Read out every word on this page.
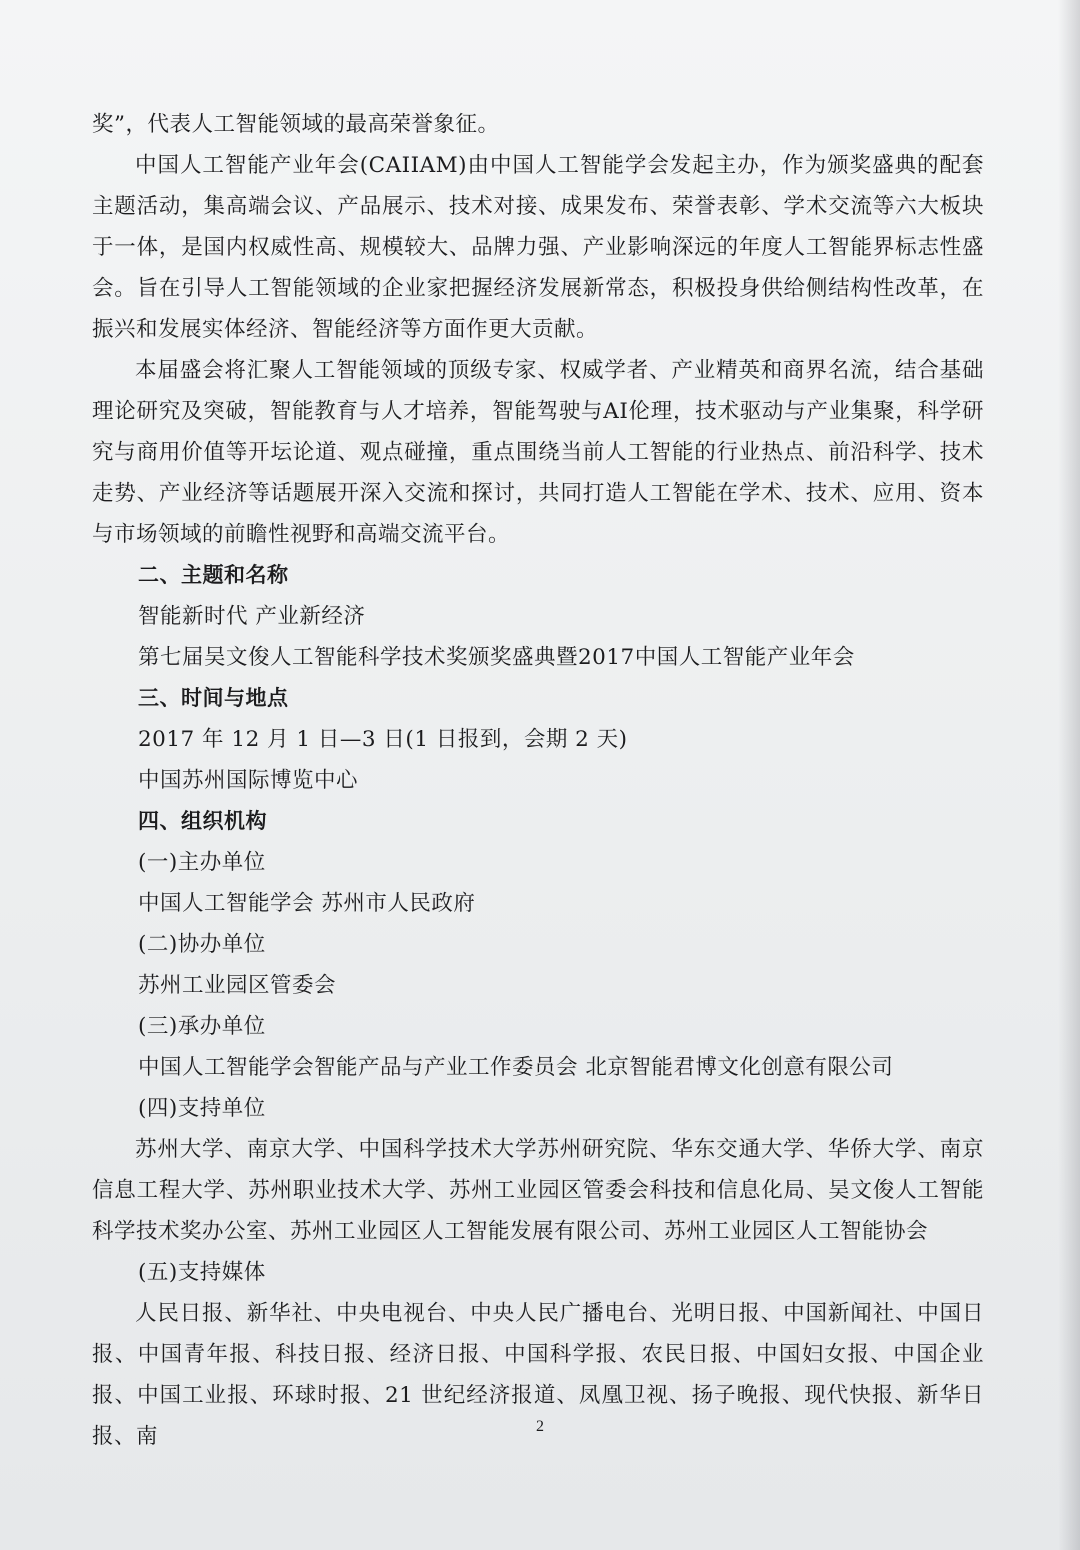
奖”，代表人工智能领域的最高荣誉象征。

中国人工智能产业年会(CAIIAM)由中国人工智能学会发起主办，作为颁奖盛典的配套主题活动，集高端会议、产品展示、技术对接、成果发布、荣誉表彰、学术交流等六大板块于一体，是国内权威性高、规模较大、品牌力强、产业影响深远的年度人工智能界标志性盛会。旨在引导人工智能领域的企业家把握经济发展新常态，积极投身供给侧结构性改革，在振兴和发展实体经济、智能经济等方面作更大贡献。

本届盛会将汇聚人工智能领域的顶级专家、权威学者、产业精英和商界名流，结合基础理论研究及突破，智能教育与人才培养，智能驾驶与AI伦理，技术驱动与产业集聚，科学研究与商用价值等开坛论道、观点碰撞，重点围绕当前人工智能的行业热点、前沿科学、技术走势、产业经济等话题展开深入交流和探讨，共同打造人工智能在学术、技术、应用、资本与市场领域的前瞻性视野和高端交流平台。

二、主题和名称

智能新时代 产业新经济

第七届吴文俊人工智能科学技术奖颁奖盛典暨2017中国人工智能产业年会

三、时间与地点

2017 年 12 月 1 日—3 日(1 日报到，会期 2 天)

中国苏州国际博览中心

四、组织机构

(一)主办单位

中国人工智能学会 苏州市人民政府

(二)协办单位

苏州工业园区管委会

(三)承办单位

中国人工智能学会智能产品与产业工作委员会 北京智能君博文化创意有限公司

(四)支持单位

苏州大学、南京大学、中国科学技术大学苏州研究院、华东交通大学、华侨大学、南京信息工程大学、苏州职业技术大学、苏州工业园区管委会科技和信息化局、吴文俊人工智能科学技术奖办公室、苏州工业园区人工智能发展有限公司、苏州工业园区人工智能协会

(五)支持媒体

人民日报、新华社、中央电视台、中央人民广播电台、光明日报、中国新闻社、中国日报、中国青年报、科技日报、经济日报、中国科学报、农民日报、中国妇女报、中国企业报、中国工业报、环球时报、21 世纪经济报道、凤凰卫视、扬子晚报、现代快报、新华日报、南	2
